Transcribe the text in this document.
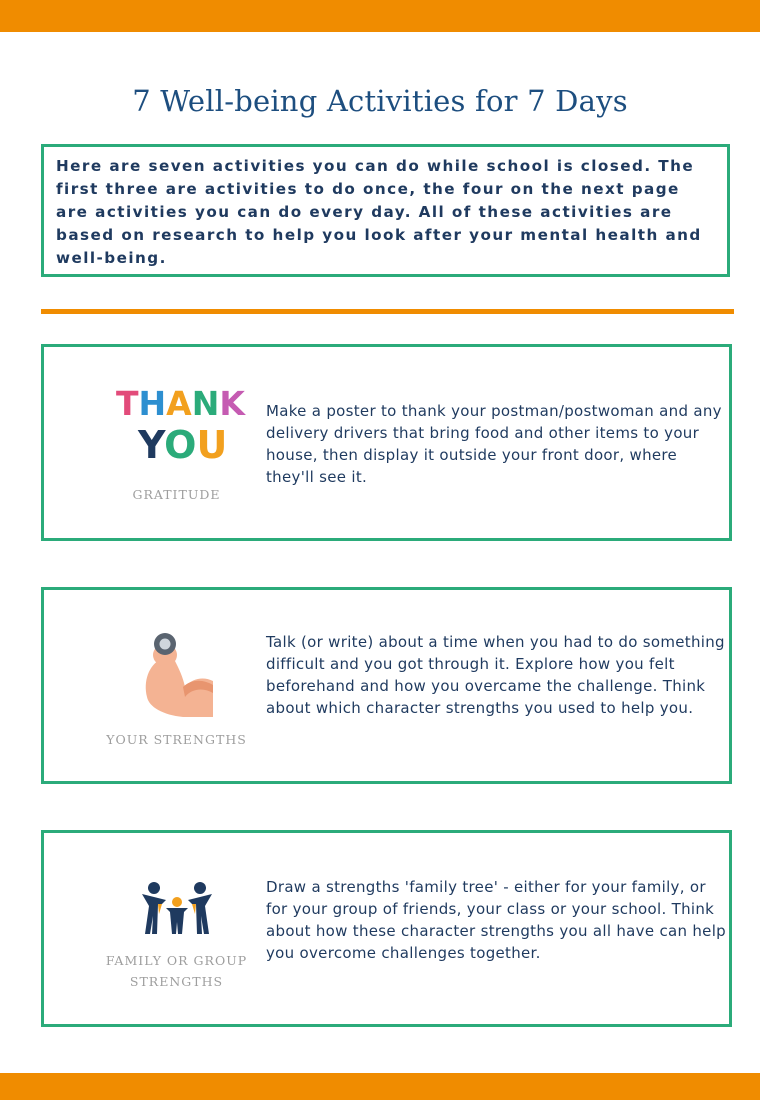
7 Well-being Activities for 7 Days

Here are seven activities you can do while school is closed. The first three are activities to do once, the four on the next page are activities you can do every day. All of these activities are based on research to help you look after your mental health and well-being.

THANK
YOU

GRATITUDE

Make a poster to thank your postman/postwoman and any delivery drivers that bring food and other items to your house, then display it outside your front door, where they'll see it.

YOUR STRENGTHS

Talk (or write) about a time when you had to do something difficult and you got through it. Explore how you felt beforehand and how you overcame the challenge. Think about which character strengths you used to help you.

FAMILY OR GROUP
STRENGTHS

Draw a strengths 'family tree' - either for your family, or for your group of friends, your class or your school. Think about how these character strengths you all have can help you overcome challenges together.
